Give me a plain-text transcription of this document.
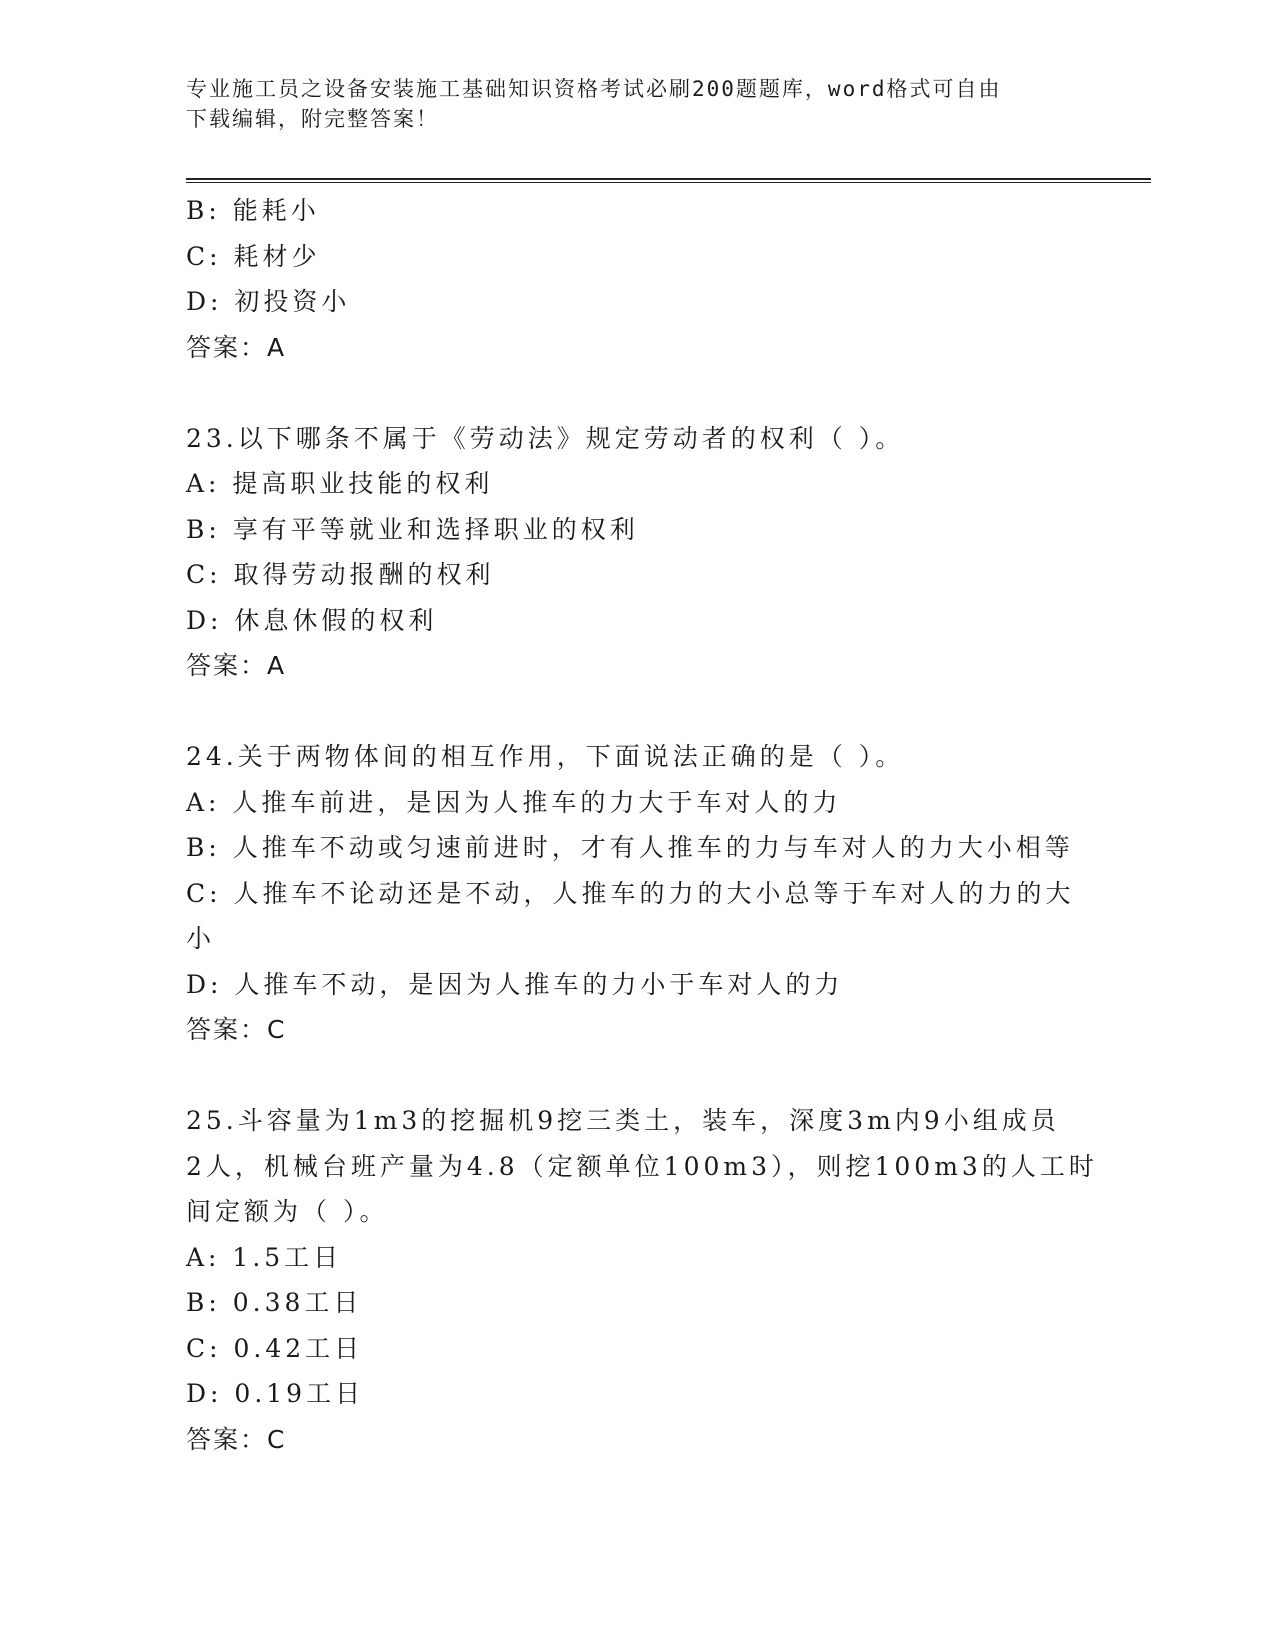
专业施工员之设备安装施工基础知识资格考试必刷200题题库，word格式可自由
下载编辑，附完整答案！
B: 能耗小
C: 耗材少
D: 初投资小
答案：A
23.以下哪条不属于《劳动法》规定劳动者的权利（ ）。
A: 提高职业技能的权利
B: 享有平等就业和选择职业的权利
C: 取得劳动报酬的权利
D: 休息休假的权利
答案：A
24.关于两物体间的相互作用，下面说法正确的是（ ）。
A: 人推车前进，是因为人推车的力大于车对人的力
B: 人推车不动或匀速前进时，才有人推车的力与车对人的力大小相等
C: 人推车不论动还是不动，人推车的力的大小总等于车对人的力的大
小
D: 人推车不动，是因为人推车的力小于车对人的力
答案：C
25.斗容量为1m3的挖掘机9挖三类土，装车，深度3m内9小组成员
2人，机械台班产量为4.8（定额单位100m3），则挖100m3的人工时
间定额为（ ）。
A: 1.5工日
B: 0.38工日
C: 0.42工日
D: 0.19工日
答案：C
